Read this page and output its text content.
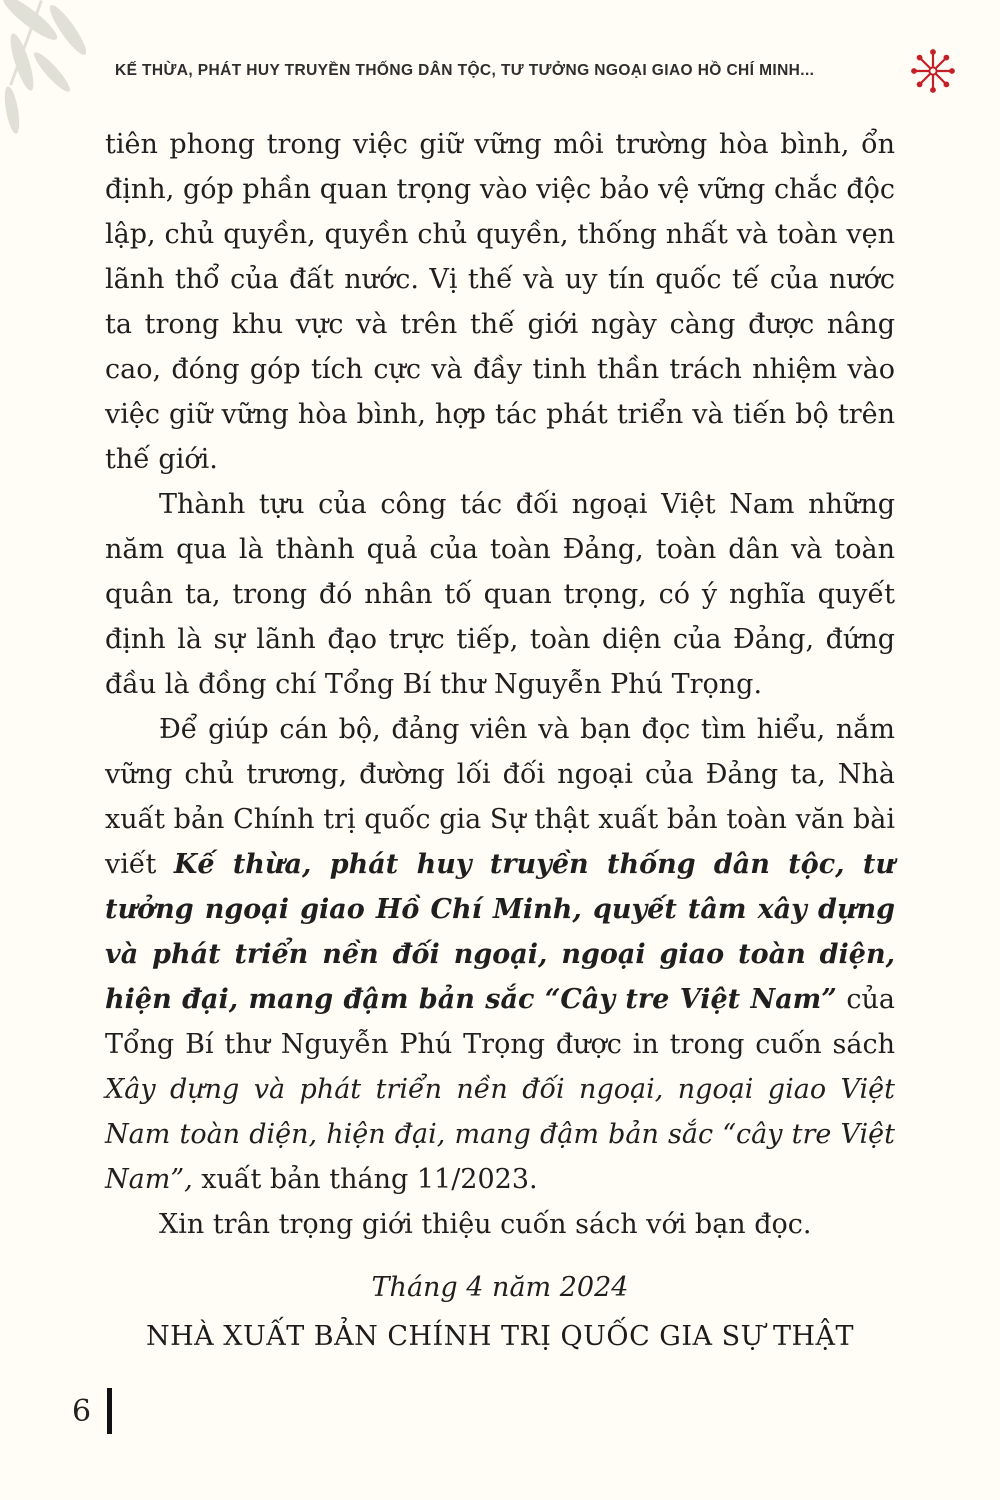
KẾ THỪA, PHÁT HUY TRUYỀN THỐNG DÂN TỘC, TƯ TƯỞNG NGOẠI GIAO HỒ CHÍ MINH...

tiên phong trong việc giữ vững môi trường hòa bình, ổn định, góp phần quan trọng vào việc bảo vệ vững chắc độc lập, chủ quyền, quyền chủ quyền, thống nhất và toàn vẹn lãnh thổ của đất nước. Vị thế và uy tín quốc tế của nước ta trong khu vực và trên thế giới ngày càng được nâng cao, đóng góp tích cực và đầy tinh thần trách nhiệm vào việc giữ vững hòa bình, hợp tác phát triển và tiến bộ trên thế giới.

Thành tựu của công tác đối ngoại Việt Nam những năm qua là thành quả của toàn Đảng, toàn dân và toàn quân ta, trong đó nhân tố quan trọng, có ý nghĩa quyết định là sự lãnh đạo trực tiếp, toàn diện của Đảng, đứng đầu là đồng chí Tổng Bí thư Nguyễn Phú Trọng.

Để giúp cán bộ, đảng viên và bạn đọc tìm hiểu, nắm vững chủ trương, đường lối đối ngoại của Đảng ta, Nhà xuất bản Chính trị quốc gia Sự thật xuất bản toàn văn bài viết Kế thừa, phát huy truyền thống dân tộc, tư tưởng ngoại giao Hồ Chí Minh, quyết tâm xây dựng và phát triển nền đối ngoại, ngoại giao toàn diện, hiện đại, mang đậm bản sắc “Cây tre Việt Nam” của Tổng Bí thư Nguyễn Phú Trọng được in trong cuốn sách Xây dựng và phát triển nền đối ngoại, ngoại giao Việt Nam toàn diện, hiện đại, mang đậm bản sắc “cây tre Việt Nam”, xuất bản tháng 11/2023.

Xin trân trọng giới thiệu cuốn sách với bạn đọc.

Tháng 4 năm 2024

NHÀ XUẤT BẢN CHÍNH TRỊ QUỐC GIA SỰ THẬT

6
